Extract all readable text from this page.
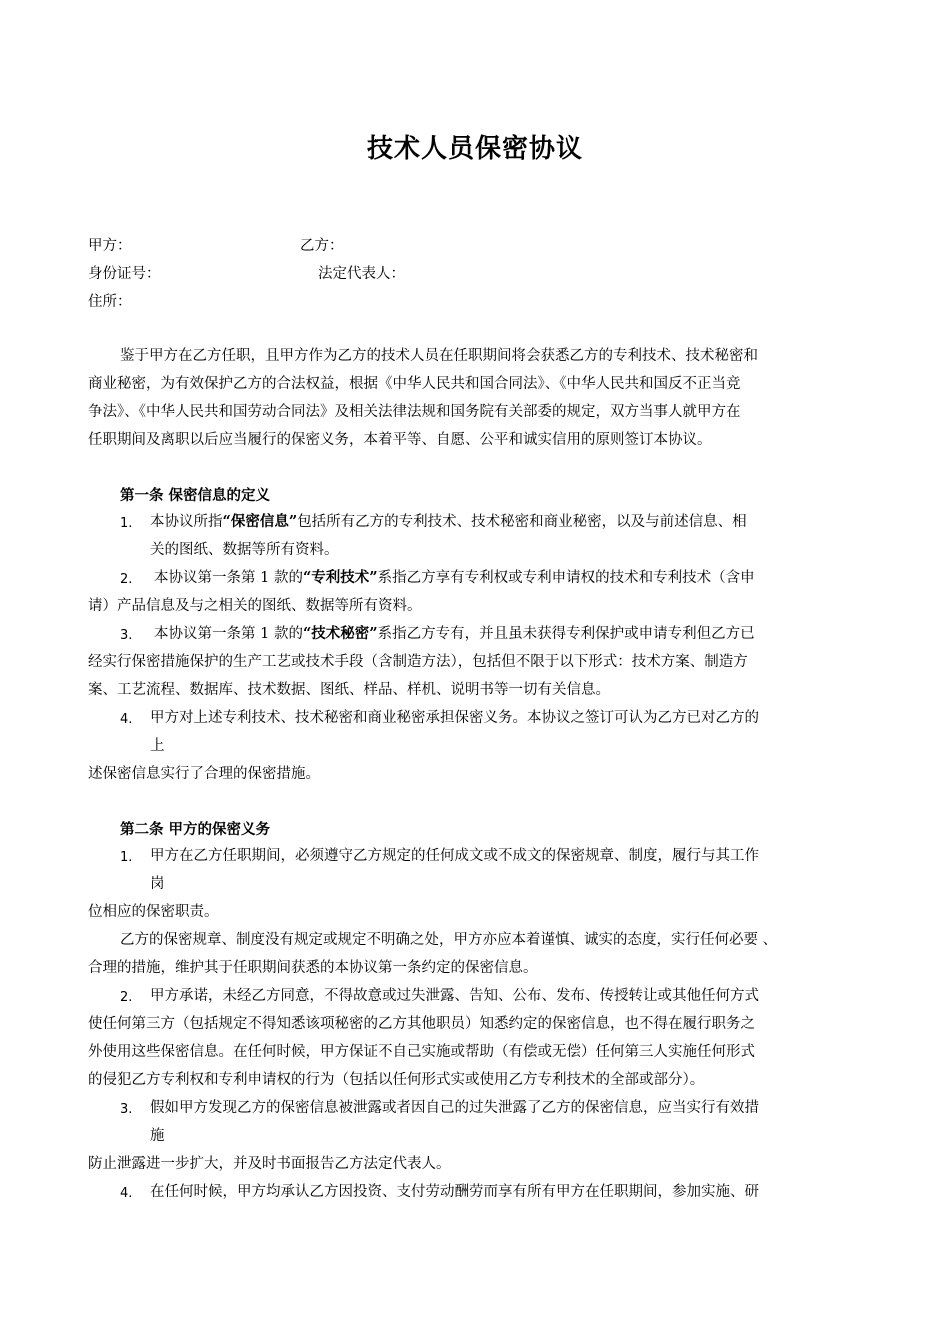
技术人员保密协议
甲方：	乙方：
身份证号：	法定代表人：
住所：
鉴于甲方在乙方任职，且甲方作为乙方的技术人员在任职期间将会获悉乙方的专利技术、技术秘密和
商业秘密，为有效保护乙方的合法权益，根据《中华人民共和国合同法》、《中华人民共和国反不正当竞
争法》、《中华人民共和国劳动合同法》及相关法律法规和国务院有关部委的规定，双方当事人就甲方在
任职期间及离职以后应当履行的保密义务，本着平等、自愿、公平和诚实信用的原则签订本协议。
第一条 保密信息的定义
1. 本协议所指“保密信息”包括所有乙方的专利技术、技术秘密和商业秘密，以及与前述信息、相
关的图纸、数据等所有资料。
2. 本协议第一条第 1 款的“专利技术”系指乙方享有专利权或专利申请权的技术和专利技术（含申
请）产品信息及与之相关的图纸、数据等所有资料。
3. 本协议第一条第 1 款的“技术秘密”系指乙方专有，并且虽未获得专利保护或申请专利但乙方已
经实行保密措施保护的生产工艺或技术手段（含制造方法），包括但不限于以下形式：技术方案、制造方
案、工艺流程、数据库、技术数据、图纸、样品、样机、说明书等一切有关信息。
4. 甲方对上述专利技术、技术秘密和商业秘密承担保密义务。本协议之签订可认为乙方已对乙方的
上
述保密信息实行了合理的保密措施。
第二条 甲方的保密义务
1. 甲方在乙方任职期间，必须遵守乙方规定的任何成文或不成文的保密规章、制度，履行与其工作
岗
位相应的保密职责。
乙方的保密规章、制度没有规定或规定不明确之处，甲方亦应本着谨慎、诚实的态度，实行任何必要 、
合理的措施，维护其于任职期间获悉的本协议第一条约定的保密信息。
2. 甲方承诺，未经乙方同意，不得故意或过失泄露、告知、公布、发布、传授转让或其他任何方式
使任何第三方（包括规定不得知悉该项秘密的乙方其他职员）知悉约定的保密信息，也不得在履行职务之
外使用这些保密信息。在任何时候，甲方保证不自己实施或帮助（有偿或无偿）任何第三人实施任何形式
的侵犯乙方专利权和专利申请权的行为（包括以任何形式实或使用乙方专利技术的全部或部分）。
3. 假如甲方发现乙方的保密信息被泄露或者因自己的过失泄露了乙方的保密信息，应当实行有效措
施
防止泄露进一步扩大，并及时书面报告乙方法定代表人。
4. 在任何时候，甲方均承认乙方因投资、支付劳动酬劳而享有所有甲方在任职期间，参加实施、研
